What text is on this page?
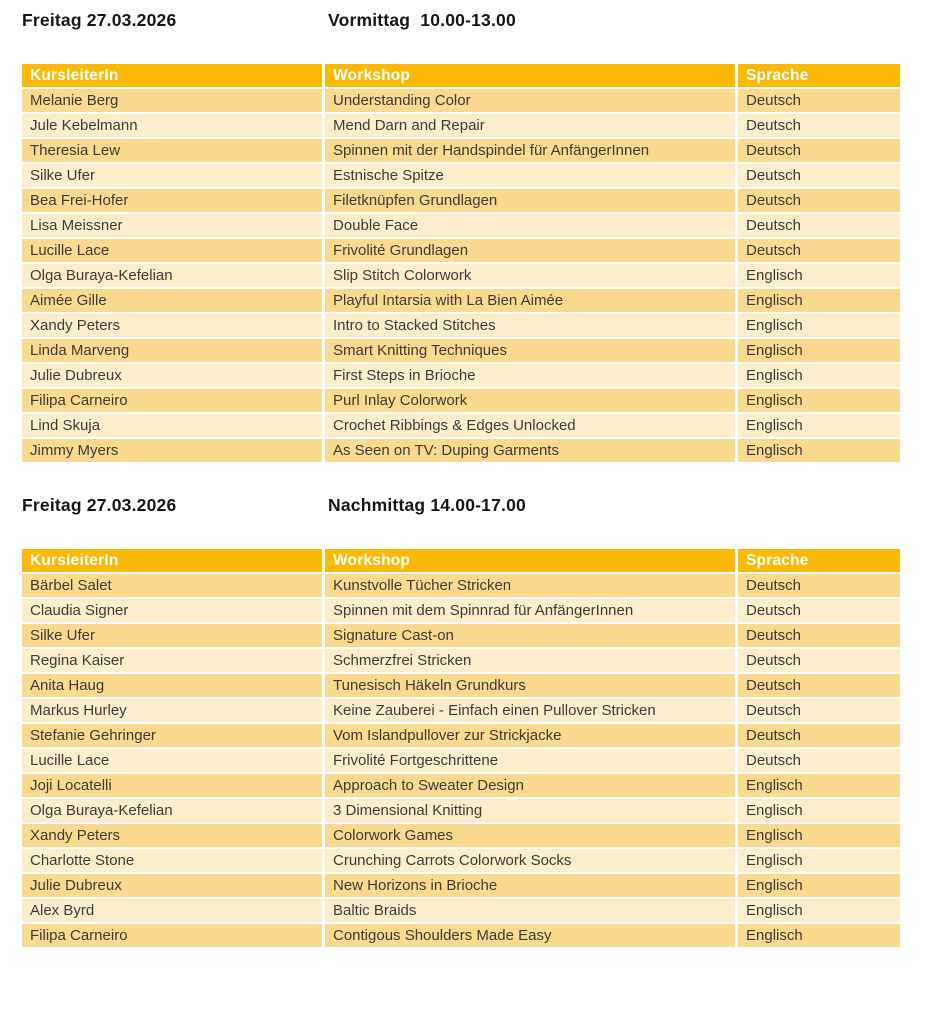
Freitag 27.03.2026	Vormittag  10.00-13.00
KursleiterIn	Workshop	Sprache
Melanie Berg	Understanding Color	Deutsch
Jule Kebelmann	Mend Darn and Repair	Deutsch
Theresia Lew	Spinnen mit der Handspindel für AnfängerInnen	Deutsch
Silke Ufer	Estnische Spitze	Deutsch
Bea Frei-Hofer	Filetknüpfen Grundlagen	Deutsch
Lisa Meissner	Double Face	Deutsch
Lucille Lace	Frivolité Grundlagen	Deutsch
Olga Buraya-Kefelian	Slip Stitch Colorwork	Englisch
Aimée Gille	Playful Intarsia with La Bien Aimée	Englisch
Xandy Peters	Intro to Stacked Stitches	Englisch
Linda Marveng	Smart Knitting Techniques	Englisch
Julie Dubreux	First Steps in Brioche	Englisch
Filipa Carneiro	Purl Inlay Colorwork	Englisch
Lind Skuja	Crochet Ribbings & Edges Unlocked	Englisch
Jimmy Myers	As Seen on TV: Duping Garments	Englisch
Freitag 27.03.2026	Nachmittag 14.00-17.00
KursleiterIn	Workshop	Sprache
Bärbel Salet	Kunstvolle Tücher Stricken	Deutsch
Claudia Signer	Spinnen mit dem Spinnrad für AnfängerInnen	Deutsch
Silke Ufer	Signature Cast-on	Deutsch
Regina Kaiser	Schmerzfrei Stricken	Deutsch
Anita Haug	Tunesisch Häkeln Grundkurs	Deutsch
Markus Hurley	Keine Zauberei - Einfach einen Pullover Stricken	Deutsch
Stefanie Gehringer	Vom Islandpullover zur Strickjacke	Deutsch
Lucille Lace	Frivolité Fortgeschrittene	Deutsch
Joji Locatelli	Approach to Sweater Design	Englisch
Olga Buraya-Kefelian	3 Dimensional Knitting	Englisch
Xandy Peters	Colorwork Games	Englisch
Charlotte Stone	Crunching Carrots Colorwork Socks	Englisch
Julie Dubreux	New Horizons in Brioche	Englisch
Alex Byrd	Baltic Braids	Englisch
Filipa Carneiro	Contigous Shoulders Made Easy	Englisch
